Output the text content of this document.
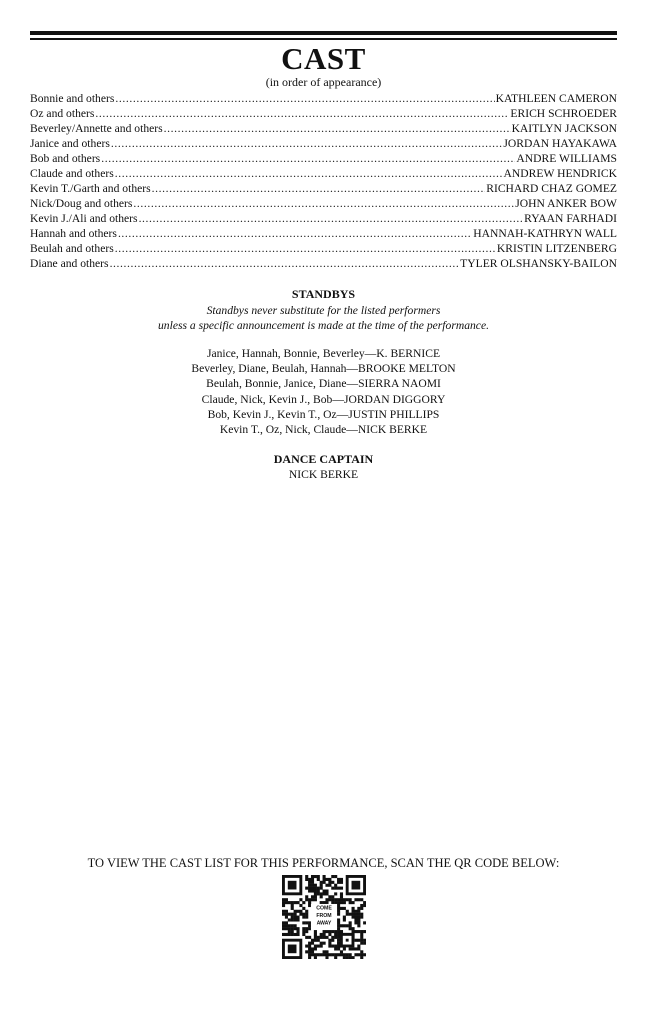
CAST
(in order of appearance)
Bonnie and others .....	KATHLEEN CAMERON
Oz and others .....	ERICH SCHROEDER
Beverley/Annette and others .....	KAITLYN JACKSON
Janice and others .....	JORDAN HAYAKAWA
Bob and others .....	ANDRE WILLIAMS
Claude and others .....	ANDREW HENDRICK
Kevin T./Garth and others .....	RICHARD CHAZ GOMEZ
Nick/Doug and others .....	JOHN ANKER BOW
Kevin J./Ali and others .....	RYAAN FARHADI
Hannah and others .....	HANNAH-KATHRYN WALL
Beulah and others .....	KRISTIN LITZENBERG
Diane and others .....	TYLER OLSHANSKY-BAILON
STANDBYS
Standbys never substitute for the listed performers
unless a specific announcement is made at the time of the performance.
Janice, Hannah, Bonnie, Beverley—K. BERNICE
Beverley, Diane, Beulah, Hannah—BROOKE MELTON
Beulah, Bonnie, Janice, Diane—SIERRA NAOMI
Claude, Nick, Kevin J., Bob—JORDAN DIGGORY
Bob, Kevin J., Kevin T., Oz—JUSTIN PHILLIPS
Kevin T., Oz, Nick, Claude—NICK BERKE
DANCE CAPTAIN
NICK BERKE
TO VIEW THE CAST LIST FOR THIS PERFORMANCE, SCAN THE QR CODE BELOW:
COME
FROM
AWAY
